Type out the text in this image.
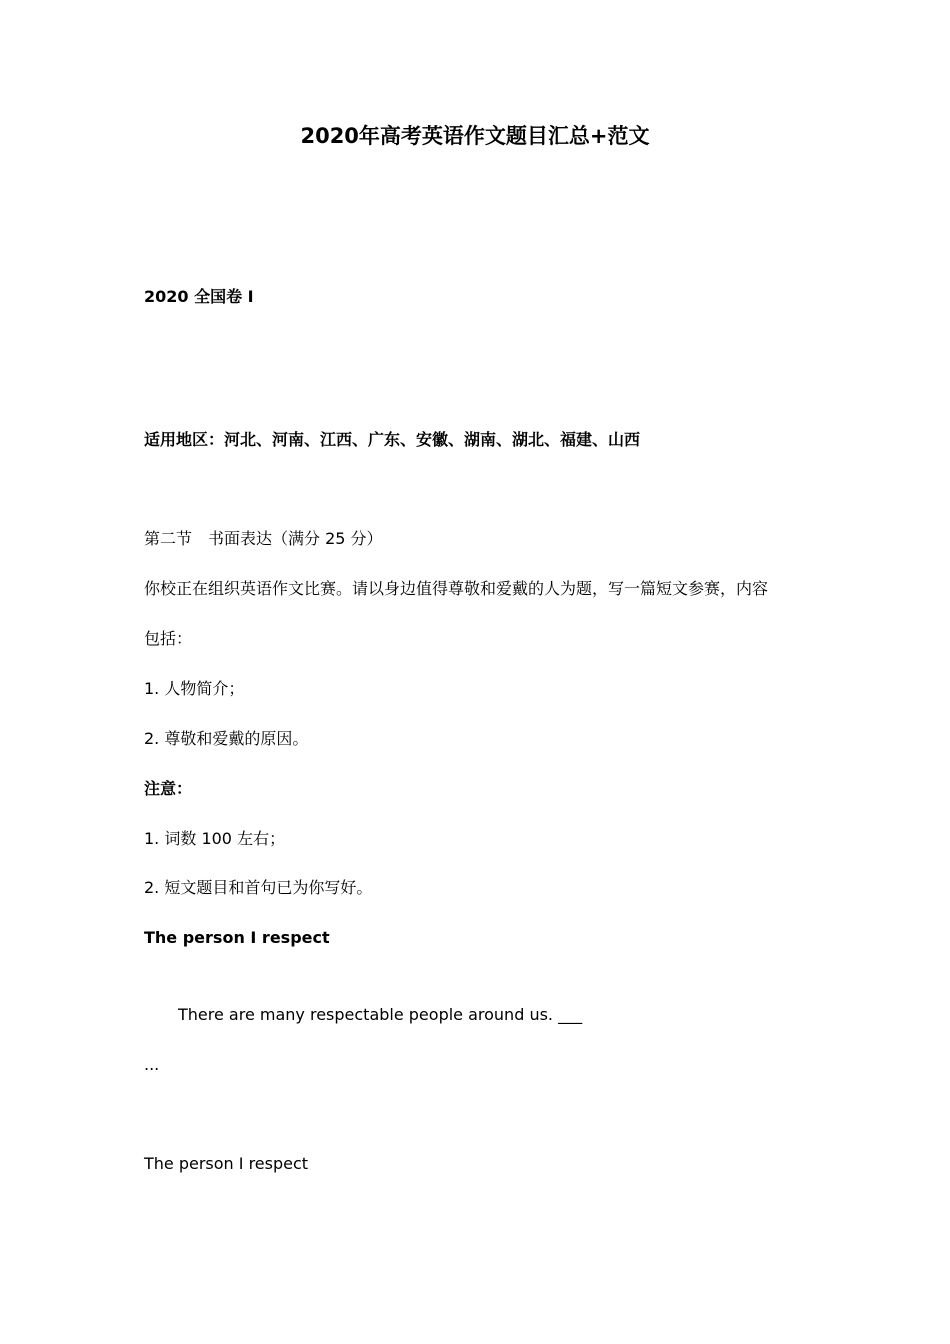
2020年高考英语作文题目汇总+范文
2020 全国卷 I
适用地区：河北、河南、江西、广东、安徽、湖南、湖北、福建、山西
第二节　书面表达（满分 25 分）
你校正在组织英语作文比赛。请以身边值得尊敬和爱戴的人为题，写一篇短文参赛，内容
包括：
1. 人物简介；
2. 尊敬和爱戴的原因。
注意：
1. 词数 100 左右；
2. 短文题目和首句已为你写好。
The person I respect
There are many respectable people around us. ___
...
The person I respect
